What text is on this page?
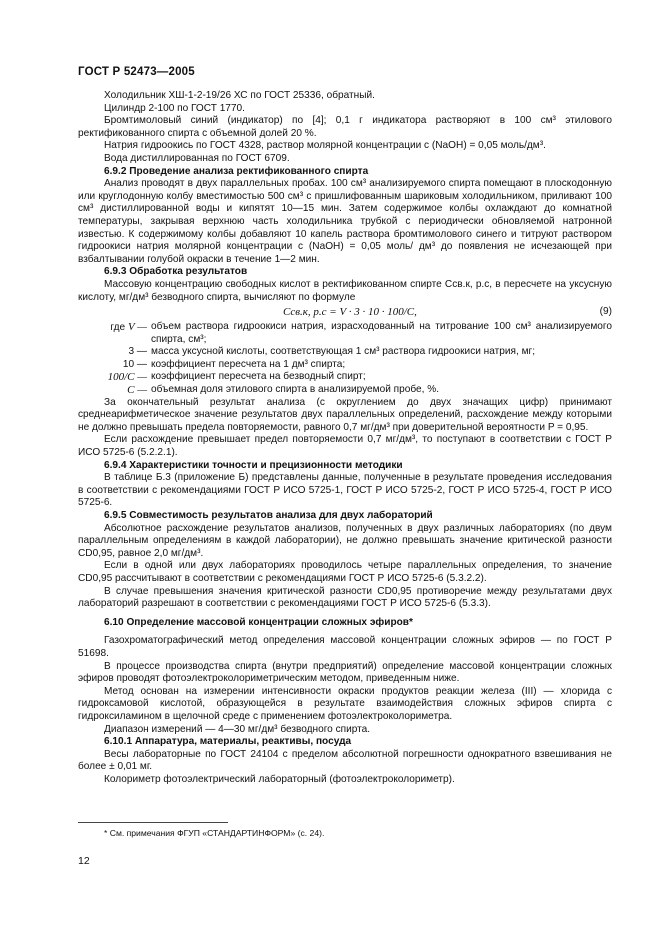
ГОСТ Р 52473—2005

Холодильник ХШ-1-2-19/26 ХС по ГОСТ 25336, обратный.

Цилиндр 2-100 по ГОСТ 1770.

Бромтимоловый синий (индикатор) по [4]; 0,1 г индикатора растворяют в 100 см³ этилового ректификованного спирта с объемной долей 20 %.

Натрия гидроокись по ГОСТ 4328, раствор молярной концентрации с (NaOH) = 0,05 моль/дм³.

Вода дистиллированная по ГОСТ 6709.

6.9.2 Проведение анализа ректификованного спирта

Анализ проводят в двух параллельных пробах. 100 см³ анализируемого спирта помещают в плоскодонную или круглодонную колбу вместимостью 500 см³ с пришлифованным шариковым холодильником, приливают 100 см³ дистиллированной воды и кипятят 10—15 мин. Затем содержимое колбы охлаждают до комнатной температуры, закрывая верхнюю часть холодильника трубкой с периодически обновляемой натронной известью. К содержимому колбы добавляют 10 капель раствора бромтимолового синего и титруют раствором гидроокиси натрия молярной концентрации с (NaOH) = 0,05 моль/ дм³ до появления не исчезающей при взбалтывании голубой окраски в течение 1—2 мин.

6.9.3 Обработка результатов

Массовую концентрацию свободных кислот в ректификованном спирте Cсв.к, р.с, в пересчете на уксусную кислоту, мг/дм³ безводного спирта, вычисляют по формуле

Cсв.к, р.с = V · 3 · 10 · 100/C,	(9)
где V — объем раствора гидроокиси натрия, израсходованный на титрование 100 см³ анализируемого спирта, см³;
3 — масса уксусной кислоты, соответствующая 1 см³ раствора гидроокиси натрия, мг;
10 — коэффициент пересчета на 1 дм³ спирта;
100/C — коэффициент пересчета на безводный спирт;
C — объемная доля этилового спирта в анализируемой пробе, %.

За окончательный результат анализа (с округлением до двух значащих цифр) принимают среднеарифметическое значение результатов двух параллельных определений, расхождение между которыми не должно превышать предела повторяемости, равного 0,7 мг/дм³ при доверительной вероятности P = 0,95.

Если расхождение превышает предел повторяемости 0,7 мг/дм³, то поступают в соответствии с ГОСТ Р ИСО 5725-6 (5.2.2.1).

6.9.4 Характеристики точности и прецизионности методики

В таблице Б.3 (приложение Б) представлены данные, полученные в результате проведения исследования в соответствии с рекомендациями ГОСТ Р ИСО 5725-1, ГОСТ Р ИСО 5725-2, ГОСТ Р ИСО 5725-4, ГОСТ Р ИСО 5725-6.

6.9.5 Совместимость результатов анализа для двух лабораторий

Абсолютное расхождение результатов анализов, полученных в двух различных лабораториях (по двум параллельным определениям в каждой лаборатории), не должно превышать значение критической разности CD0,95, равное 2,0 мг/дм³.

Если в одной или двух лабораториях проводилось четыре параллельных определения, то значение CD0,95 рассчитывают в соответствии с рекомендациями ГОСТ Р ИСО 5725-6 (5.3.2.2).

В случае превышения значения критической разности CD0,95 противоречие между результатами двух лабораторий разрешают в соответствии с рекомендациями ГОСТ Р ИСО 5725-6 (5.3.3).

6.10 Определение массовой концентрации сложных эфиров*

Газохроматографический метод определения массовой концентрации сложных эфиров — по ГОСТ Р 51698.

В процессе производства спирта (внутри предприятий) определение массовой концентрации сложных эфиров проводят фотоэлектроколориметрическим методом, приведенным ниже.

Метод основан на измерении интенсивности окраски продуктов реакции железа (III) — хлорида с гидроксамовой кислотой, образующейся в результате взаимодействия сложных эфиров спирта с гидроксиламином в щелочной среде с применением фотоэлектроколориметра.

Диапазон измерений — 4—30 мг/дм³ безводного спирта.

6.10.1 Аппаратура, материалы, реактивы, посуда

Весы лабораторные по ГОСТ 24104 с пределом абсолютной погрешности однократного взвешивания не более ± 0,01 мг.

Колориметр фотоэлектрический лабораторный (фотоэлектроколориметр).

* См. примечания ФГУП «СТАНДАРТИНФОРМ» (с. 24).
12
